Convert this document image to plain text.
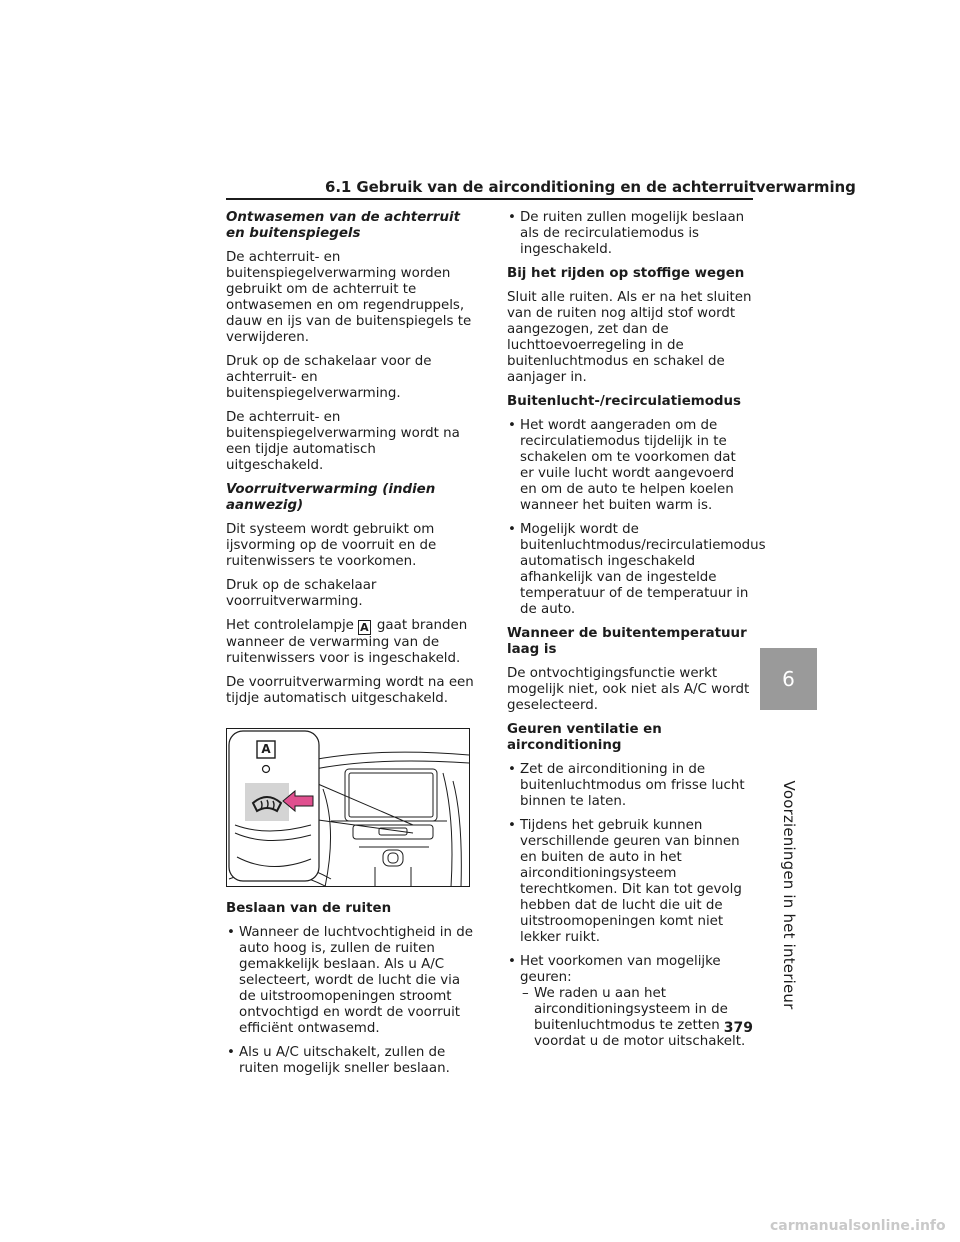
6.1 Gebruik van de airconditioning en de achterruitverwarming
Ontwasemen van de achterruit en buitenspiegels
De achterruit- en buitenspiegelverwarming worden gebruikt om de achterruit te ontwasemen en om regendruppels, dauw en ijs van de buitenspiegels te verwijderen.
Druk op de schakelaar voor de achterruit- en buitenspiegelverwarming.
De achterruit- en buitenspiegelverwarming wordt na een tijdje automatisch uitgeschakeld.
Voorruitverwarming (indien aanwezig)
Dit systeem wordt gebruikt om ijsvorming op de voorruit en de ruitenwissers te voorkomen.
Druk op de schakelaar voorruitverwarming.
Het controlelampje A gaat branden wanneer de verwarming van de ruitenwissers voor is ingeschakeld.
De voorruitverwarming wordt na een tijdje automatisch uitgeschakeld.
A
Beslaan van de ruiten
• Wanneer de luchtvochtigheid in de auto hoog is, zullen de ruiten gemakkelijk beslaan. Als u A/C selecteert, wordt de lucht die via de uitstroomopeningen stroomt ontvochtigd en wordt de voorruit efficiënt ontwasemd.
• Als u A/C uitschakelt, zullen de ruiten mogelijk sneller beslaan.
• De ruiten zullen mogelijk beslaan als de recirculatiemodus is ingeschakeld.
Bij het rijden op stoffige wegen
Sluit alle ruiten. Als er na het sluiten van de ruiten nog altijd stof wordt aangezogen, zet dan de luchttoevoerregeling in de buitenluchtmodus en schakel de aanjager in.
Buitenlucht-/recirculatiemodus
• Het wordt aangeraden om de recirculatiemodus tijdelijk in te schakelen om te voorkomen dat er vuile lucht wordt aangevoerd en om de auto te helpen koelen wanneer het buiten warm is.
• Mogelijk wordt de buitenluchtmodus/recirculatiemodus automatisch ingeschakeld afhankelijk van de ingestelde temperatuur of de temperatuur in de auto.
Wanneer de buitentemperatuur laag is
De ontvochtigingsfunctie werkt mogelijk niet, ook niet als A/C wordt geselecteerd.
Geuren ventilatie en airconditioning
• Zet de airconditioning in de buitenluchtmodus om frisse lucht binnen te laten.
• Tijdens het gebruik kunnen verschillende geuren van binnen en buiten de auto in het airconditioningsysteem terechtkomen. Dit kan tot gevolg hebben dat de lucht die uit de uitstroomopeningen komt niet lekker ruikt.
• Het voorkomen van mogelijke geuren:
– We raden u aan het airconditioningsysteem in de buitenluchtmodus te zetten voordat u de motor uitschakelt.
6
Voorzieningen in het interieur
379
carmanualsonline.info
